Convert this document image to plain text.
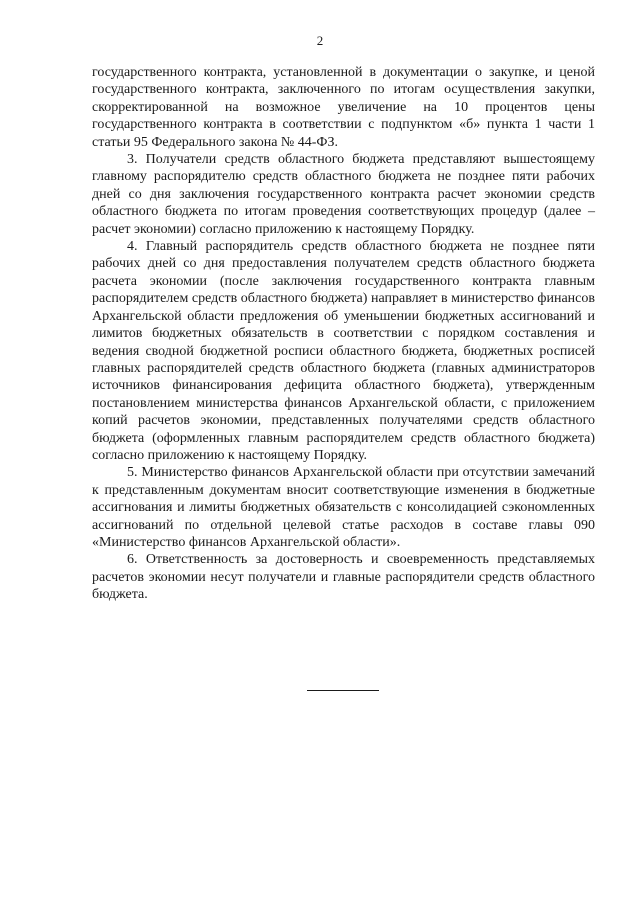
2

государственного контракта, установленной в документации о закупке, и ценой государственного контракта, заключенного по итогам осуществления закупки, скорректированной на возможное увеличение на 10 процентов цены государственного контракта в соответствии с подпунктом «б» пункта 1 части 1 статьи 95 Федерального закона № 44-ФЗ.

3. Получатели средств областного бюджета представляют вышестоящему главному распорядителю средств областного бюджета не позднее пяти рабочих дней со дня заключения государственного контракта расчет экономии средств областного бюджета по итогам проведения соответствующих процедур (далее – расчет экономии) согласно приложению к настоящему Порядку.

4. Главный распорядитель средств областного бюджета не позднее пяти рабочих дней со дня предоставления получателем средств областного бюджета расчета экономии (после заключения государственного контракта главным распорядителем средств областного бюджета) направляет в министерство финансов Архангельской области предложения об уменьшении бюджетных ассигнований и лимитов бюджетных обязательств в соответствии с порядком составления и ведения сводной бюджетной росписи областного бюджета, бюджетных росписей главных распорядителей средств областного бюджета (главных администраторов источников финансирования дефицита областного бюджета), утвержденным постановлением министерства финансов Архангельской области, с приложением копий расчетов экономии, представленных получателями средств областного бюджета (оформленных главным распорядителем средств областного бюджета) согласно приложению к настоящему Порядку.

5. Министерство финансов Архангельской области при отсутствии замечаний к представленным документам вносит соответствующие изменения в бюджетные ассигнования и лимиты бюджетных обязательств с консолидацией сэкономленных ассигнований по отдельной целевой статье расходов в составе главы 090 «Министерство финансов Архангельской области».

6. Ответственность за достоверность и своевременность представляемых расчетов экономии несут получатели и главные распорядители средств областного бюджета.
